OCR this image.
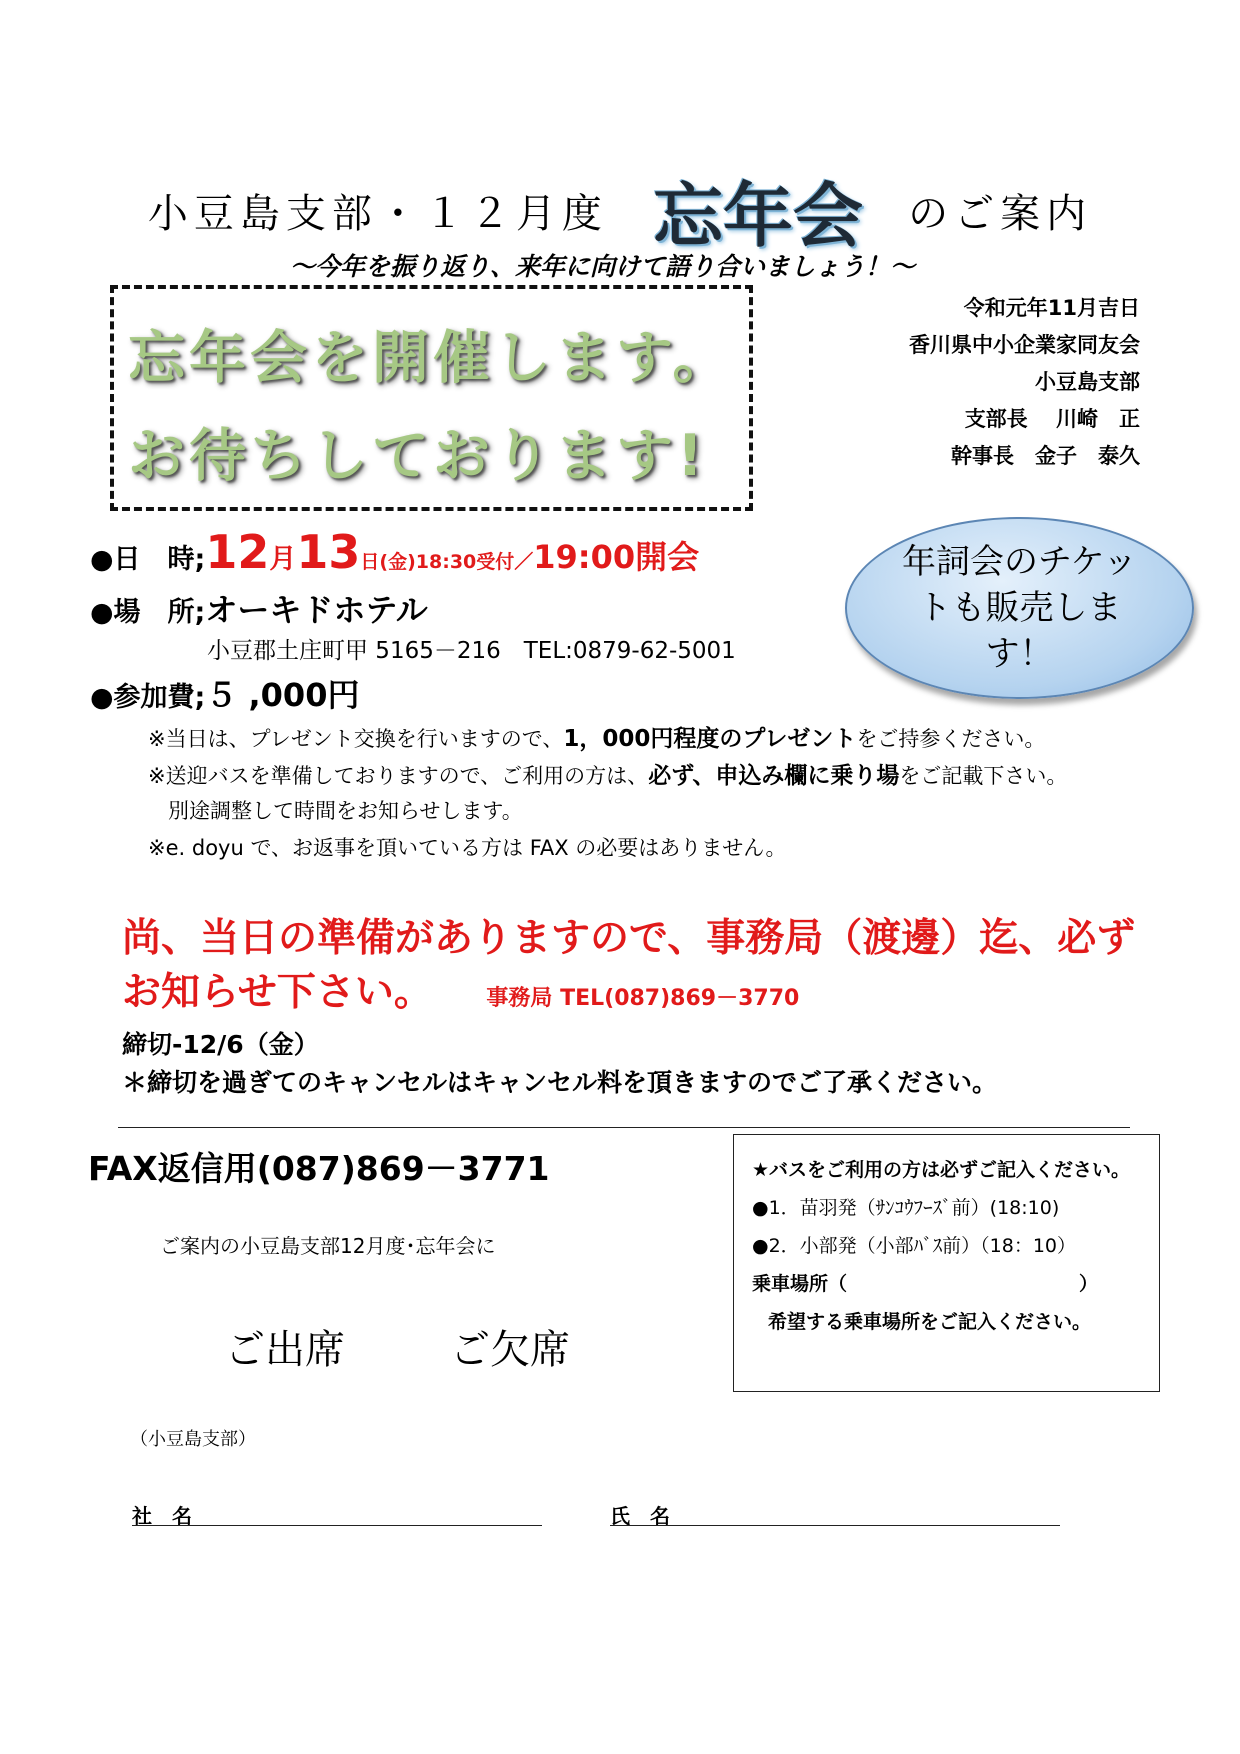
小豆島支部・１２月度 忘年会 のご案内
～今年を振り返り、来年に向けて語り合いましょう！～
忘年会を開催します。
お待ちしております!
令和元年11月吉日
香川県中小企業家同友会
小豆島支部
支部長　 川崎　正
幹事長　金子　泰久
●日　時;12月13日(金)18:30受付／19:00開会
●場　所;オーキドホテル
小豆郡土庄町甲 5165－216　TEL:0879-62-5001
●参加費;５ ,000円
年詞会のチケットも販売します！
※当日は、プレゼント交換を行いますので、1，000円程度のプレゼントをご持参ください。
※送迎バスを準備しておりますので、ご利用の方は、必ず、申込み欄に乗り場をご記載下さい。
別途調整して時間をお知らせします。
※e. doyu で、お返事を頂いている方は FAX の必要はありません。
尚、当日の準備がありますので、事務局（渡邊）迄、必ずお知らせ下さい。 事務局 TEL(087)869－3770
締切-12/6（金）
＊締切を過ぎてのキャンセルはキャンセル料を頂きますのでご了承ください。
FAX返信用(087)869－3771
ご案内の小豆島支部12月度･忘年会に
ご出席	ご欠席
（小豆島支部）
社　名	氏　名
★バスをご利用の方は必ずご記入ください。
●1．苗羽発（ｻﾝｺｳﾌｰｽﾞ前）(18:10)
●2．小部発（小部ﾊﾞｽ前）（18：10）
乗車場所（	）
希望する乗車場所をご記入ください。
